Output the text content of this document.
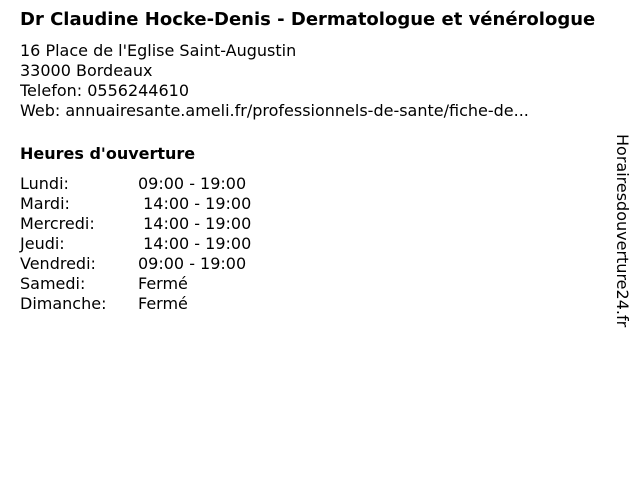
Dr Claudine Hocke-Denis - Dermatologue et vénérologue
16 Place de l'Eglise Saint-Augustin
33000 Bordeaux
Telefon: 0556244610
Web: annuairesante.ameli.fr/professionnels-de-sante/fiche-de...
Heures d'ouverture
Lundi:	09:00 - 19:00
Mardi:	14:00 - 19:00
Mercredi:	14:00 - 19:00
Jeudi:	14:00 - 19:00
Vendredi:	09:00 - 19:00
Samedi:	Fermé
Dimanche:	Fermé	Horairesdouverture24.fr
